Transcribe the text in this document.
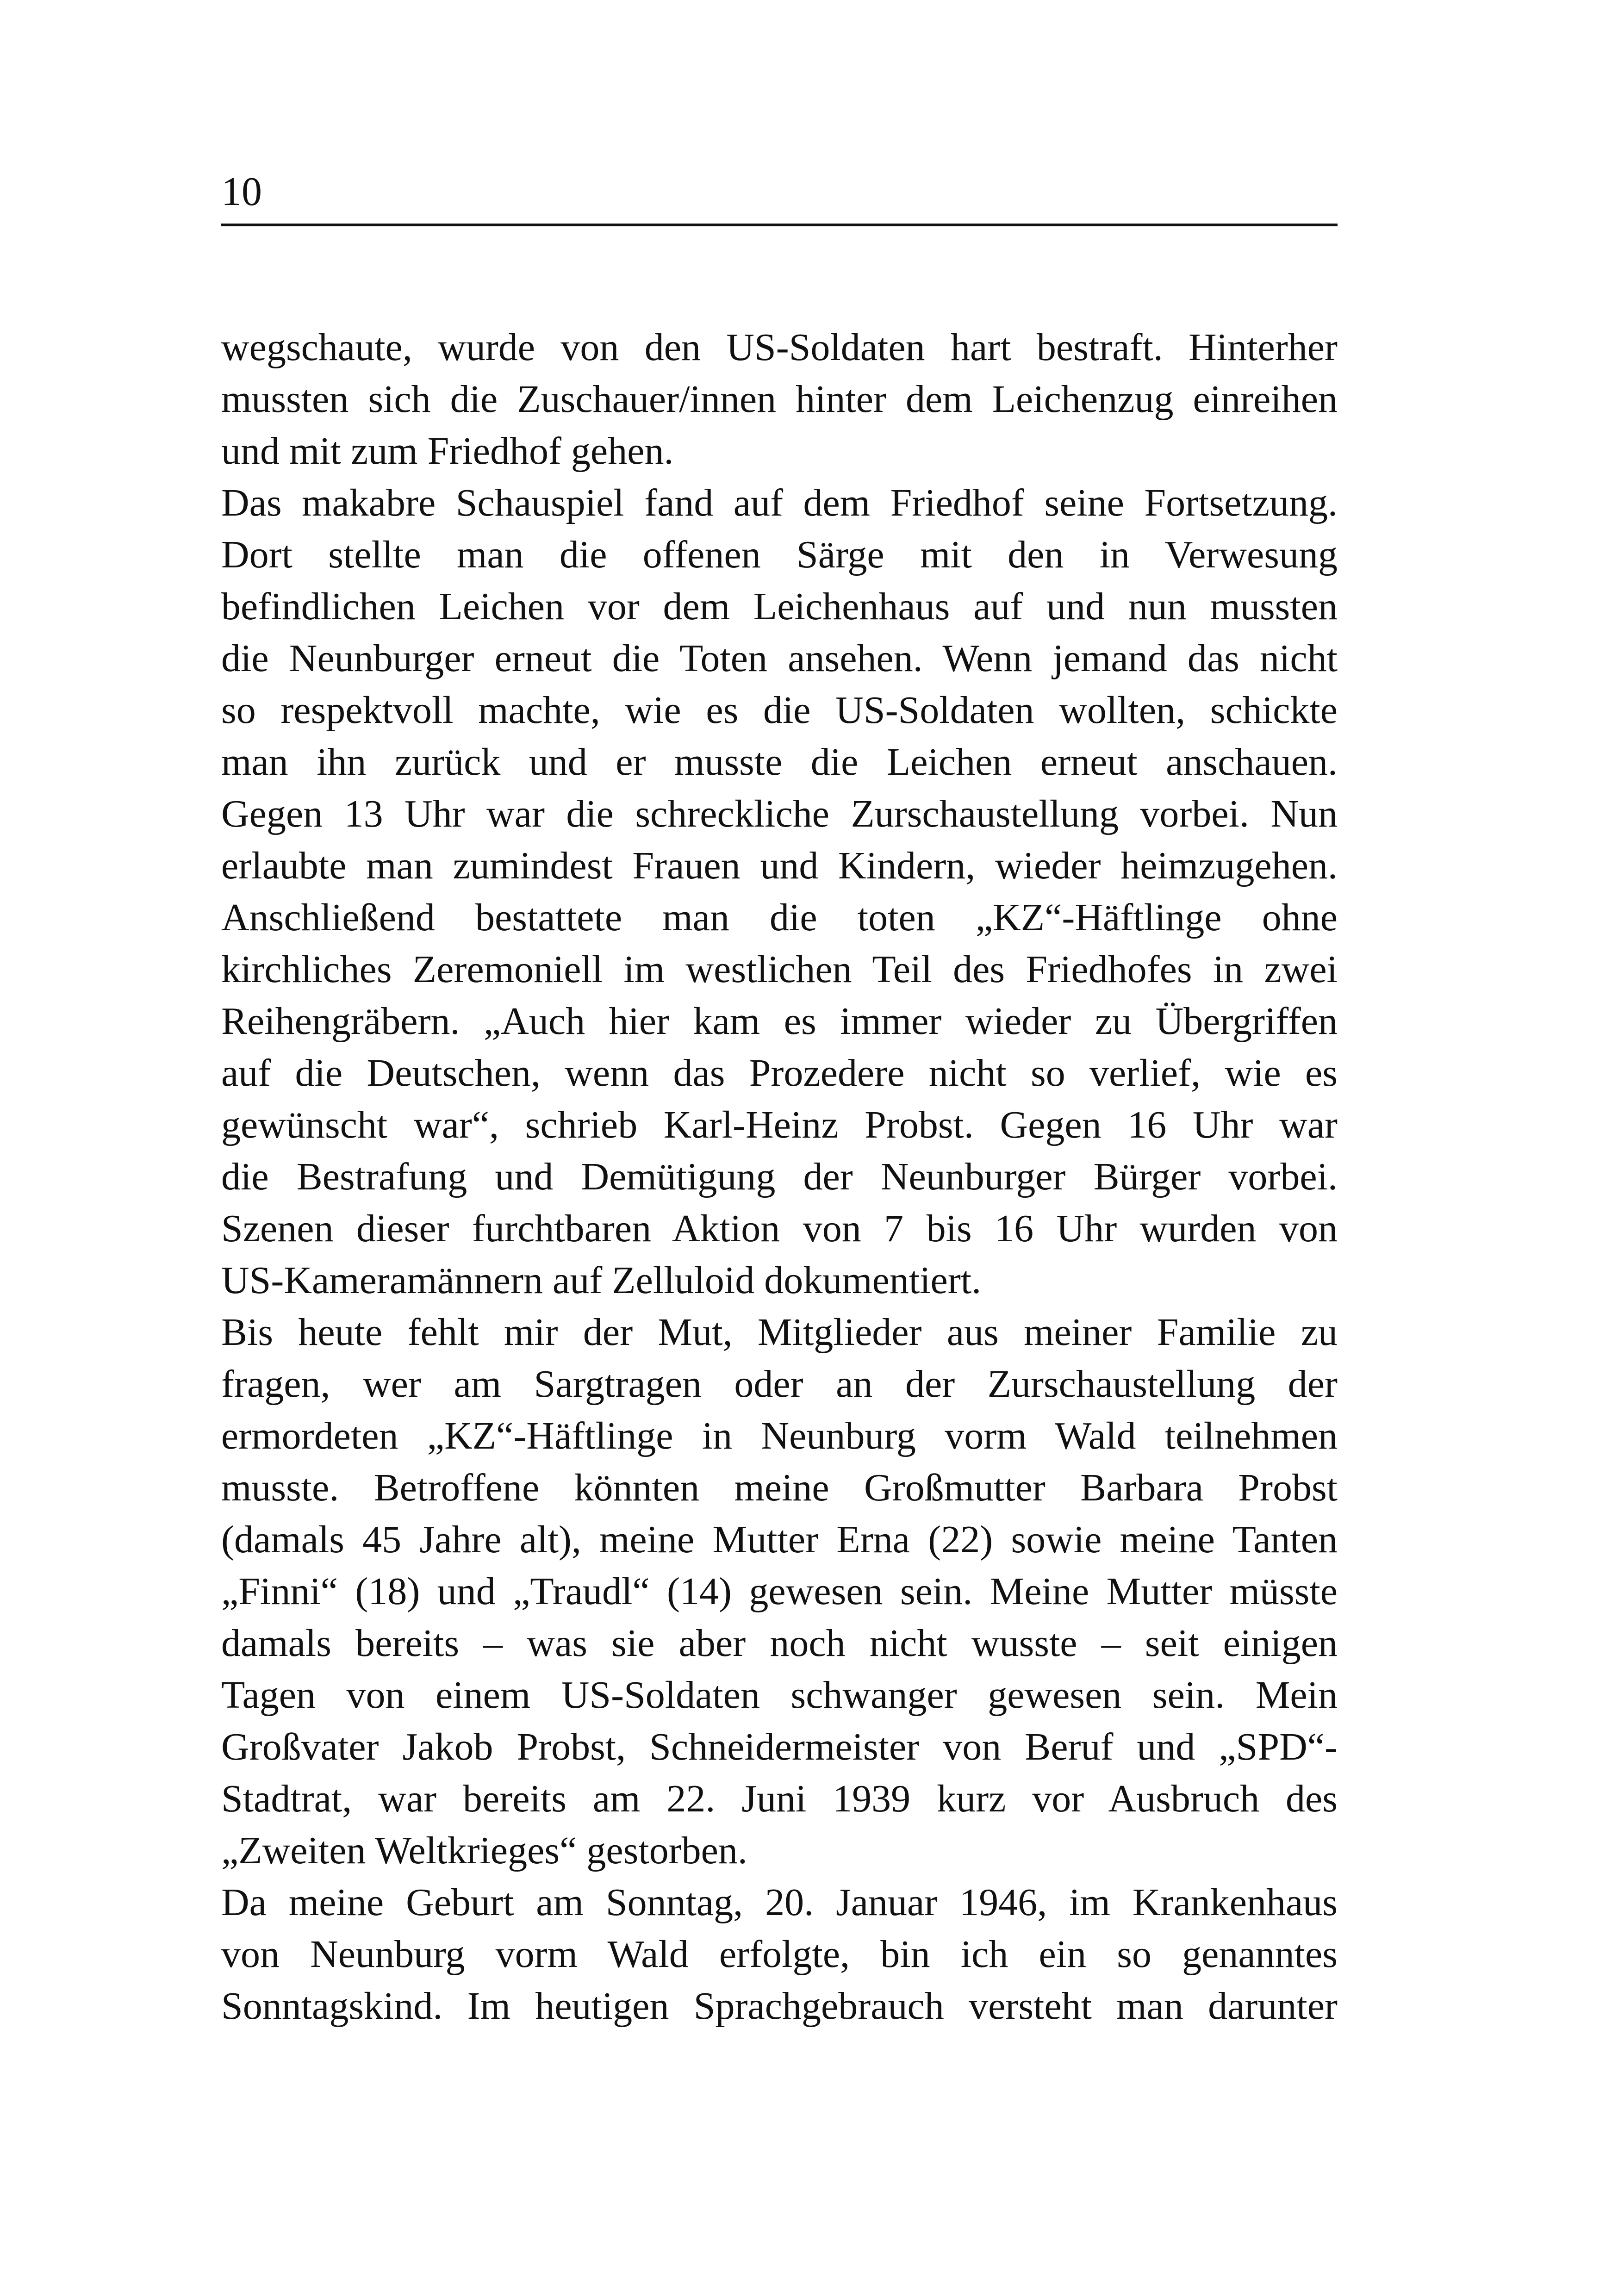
10
wegschaute, wurde von den US-Soldaten hart bestraft. Hinterher
mussten sich die Zuschauer/innen hinter dem Leichenzug einreihen
und mit zum Friedhof gehen.
Das makabre Schauspiel fand auf dem Friedhof seine Fortsetzung.
Dort stellte man die offenen Särge mit den in Verwesung
befindlichen Leichen vor dem Leichenhaus auf und nun mussten
die Neunburger erneut die Toten ansehen. Wenn jemand das nicht
so respektvoll machte, wie es die US-Soldaten wollten, schickte
man ihn zurück und er musste die Leichen erneut anschauen.
Gegen 13 Uhr war die schreckliche Zurschaustellung vorbei. Nun
erlaubte man zumindest Frauen und Kindern, wieder heimzugehen.
Anschließend bestattete man die toten „KZ“-Häftlinge ohne
kirchliches Zeremoniell im westlichen Teil des Friedhofes in zwei
Reihengräbern. „Auch hier kam es immer wieder zu Übergriffen
auf die Deutschen, wenn das Prozedere nicht so verlief, wie es
gewünscht war“, schrieb Karl-Heinz Probst. Gegen 16 Uhr war
die Bestrafung und Demütigung der Neunburger Bürger vorbei.
Szenen dieser furchtbaren Aktion von 7 bis 16 Uhr wurden von
US-Kameramännern auf Zelluloid dokumentiert.
Bis heute fehlt mir der Mut, Mitglieder aus meiner Familie zu
fragen, wer am Sargtragen oder an der Zurschaustellung der
ermordeten „KZ“-Häftlinge in Neunburg vorm Wald teilnehmen
musste. Betroffene könnten meine Großmutter Barbara Probst
(damals 45 Jahre alt), meine Mutter Erna (22) sowie meine Tanten
„Finni“ (18) und „Traudl“ (14) gewesen sein. Meine Mutter müsste
damals bereits – was sie aber noch nicht wusste – seit einigen
Tagen von einem US-Soldaten schwanger gewesen sein. Mein
Großvater Jakob Probst, Schneidermeister von Beruf und „SPD“-
Stadtrat, war bereits am 22. Juni 1939 kurz vor Ausbruch des
„Zweiten Weltkrieges“ gestorben.
Da meine Geburt am Sonntag, 20. Januar 1946, im Krankenhaus
von Neunburg vorm Wald erfolgte, bin ich ein so genanntes
Sonntagskind. Im heutigen Sprachgebrauch versteht man darunter
